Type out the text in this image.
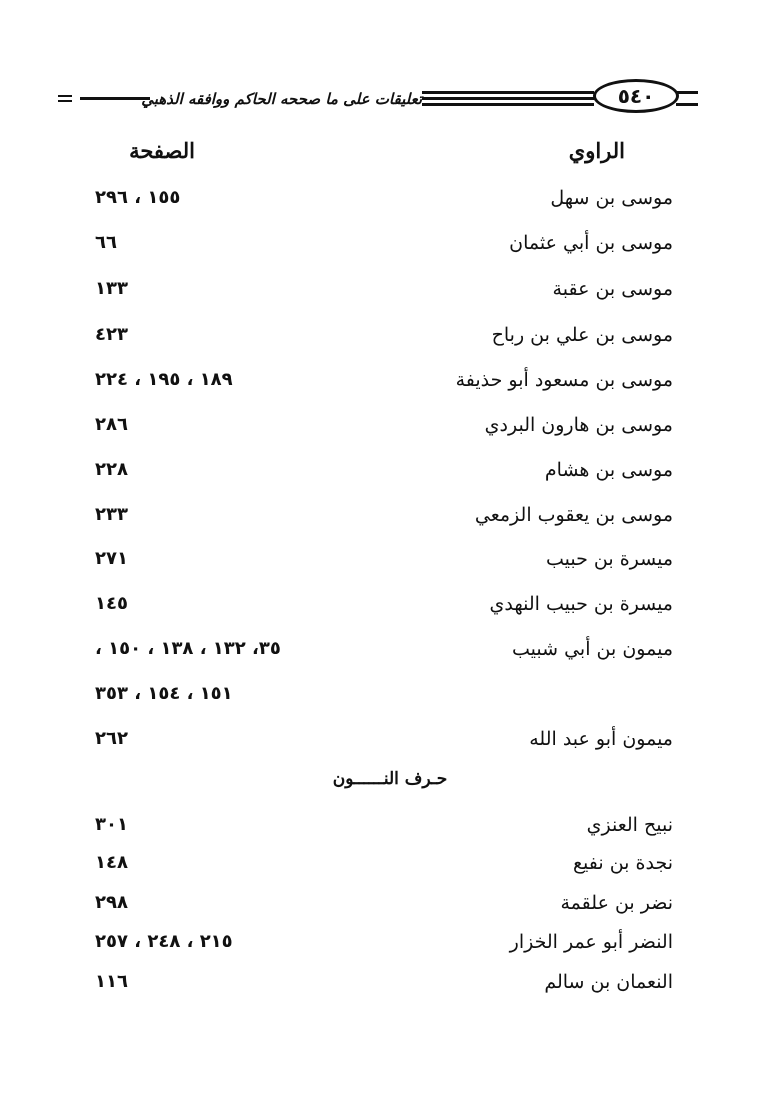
تعليقات على ما صححه الحاكم ووافقه الذهبي	٥٤٠
الراوي
الصفحة
موسى بن سهل
١٥٥ ، ٢٩٦
موسى بن أبي عثمان
٦٦
موسى بن عقبة
١٣٣
موسى بن علي بن رباح
٤٢٣
موسى بن مسعود أبو حذيفة
١٨٩ ، ١٩٥ ، ٢٢٤
موسى بن هارون البردي
٢٨٦
موسى بن هشام
٢٢٨
موسى بن يعقوب الزمعي
٢٣٣
ميسرة بن حبيب
٢٧١
ميسرة بن حبيب النهدي
١٤٥
ميمون بن أبي شبيب
٣٥، ١٣٢ ، ١٣٨ ، ١٥٠ ،
١٥١ ، ١٥٤ ، ٣٥٣
ميمون أبو عبد الله
٢٦٢
حـرف النــــــون
نبيح العنزي
٣٠١
نجدة بن نفيع
١٤٨
نضر بن علقمة
٢٩٨
النضر أبو عمر الخزار
٢١٥ ، ٢٤٨ ، ٢٥٧
النعمان بن سالم
١١٦
